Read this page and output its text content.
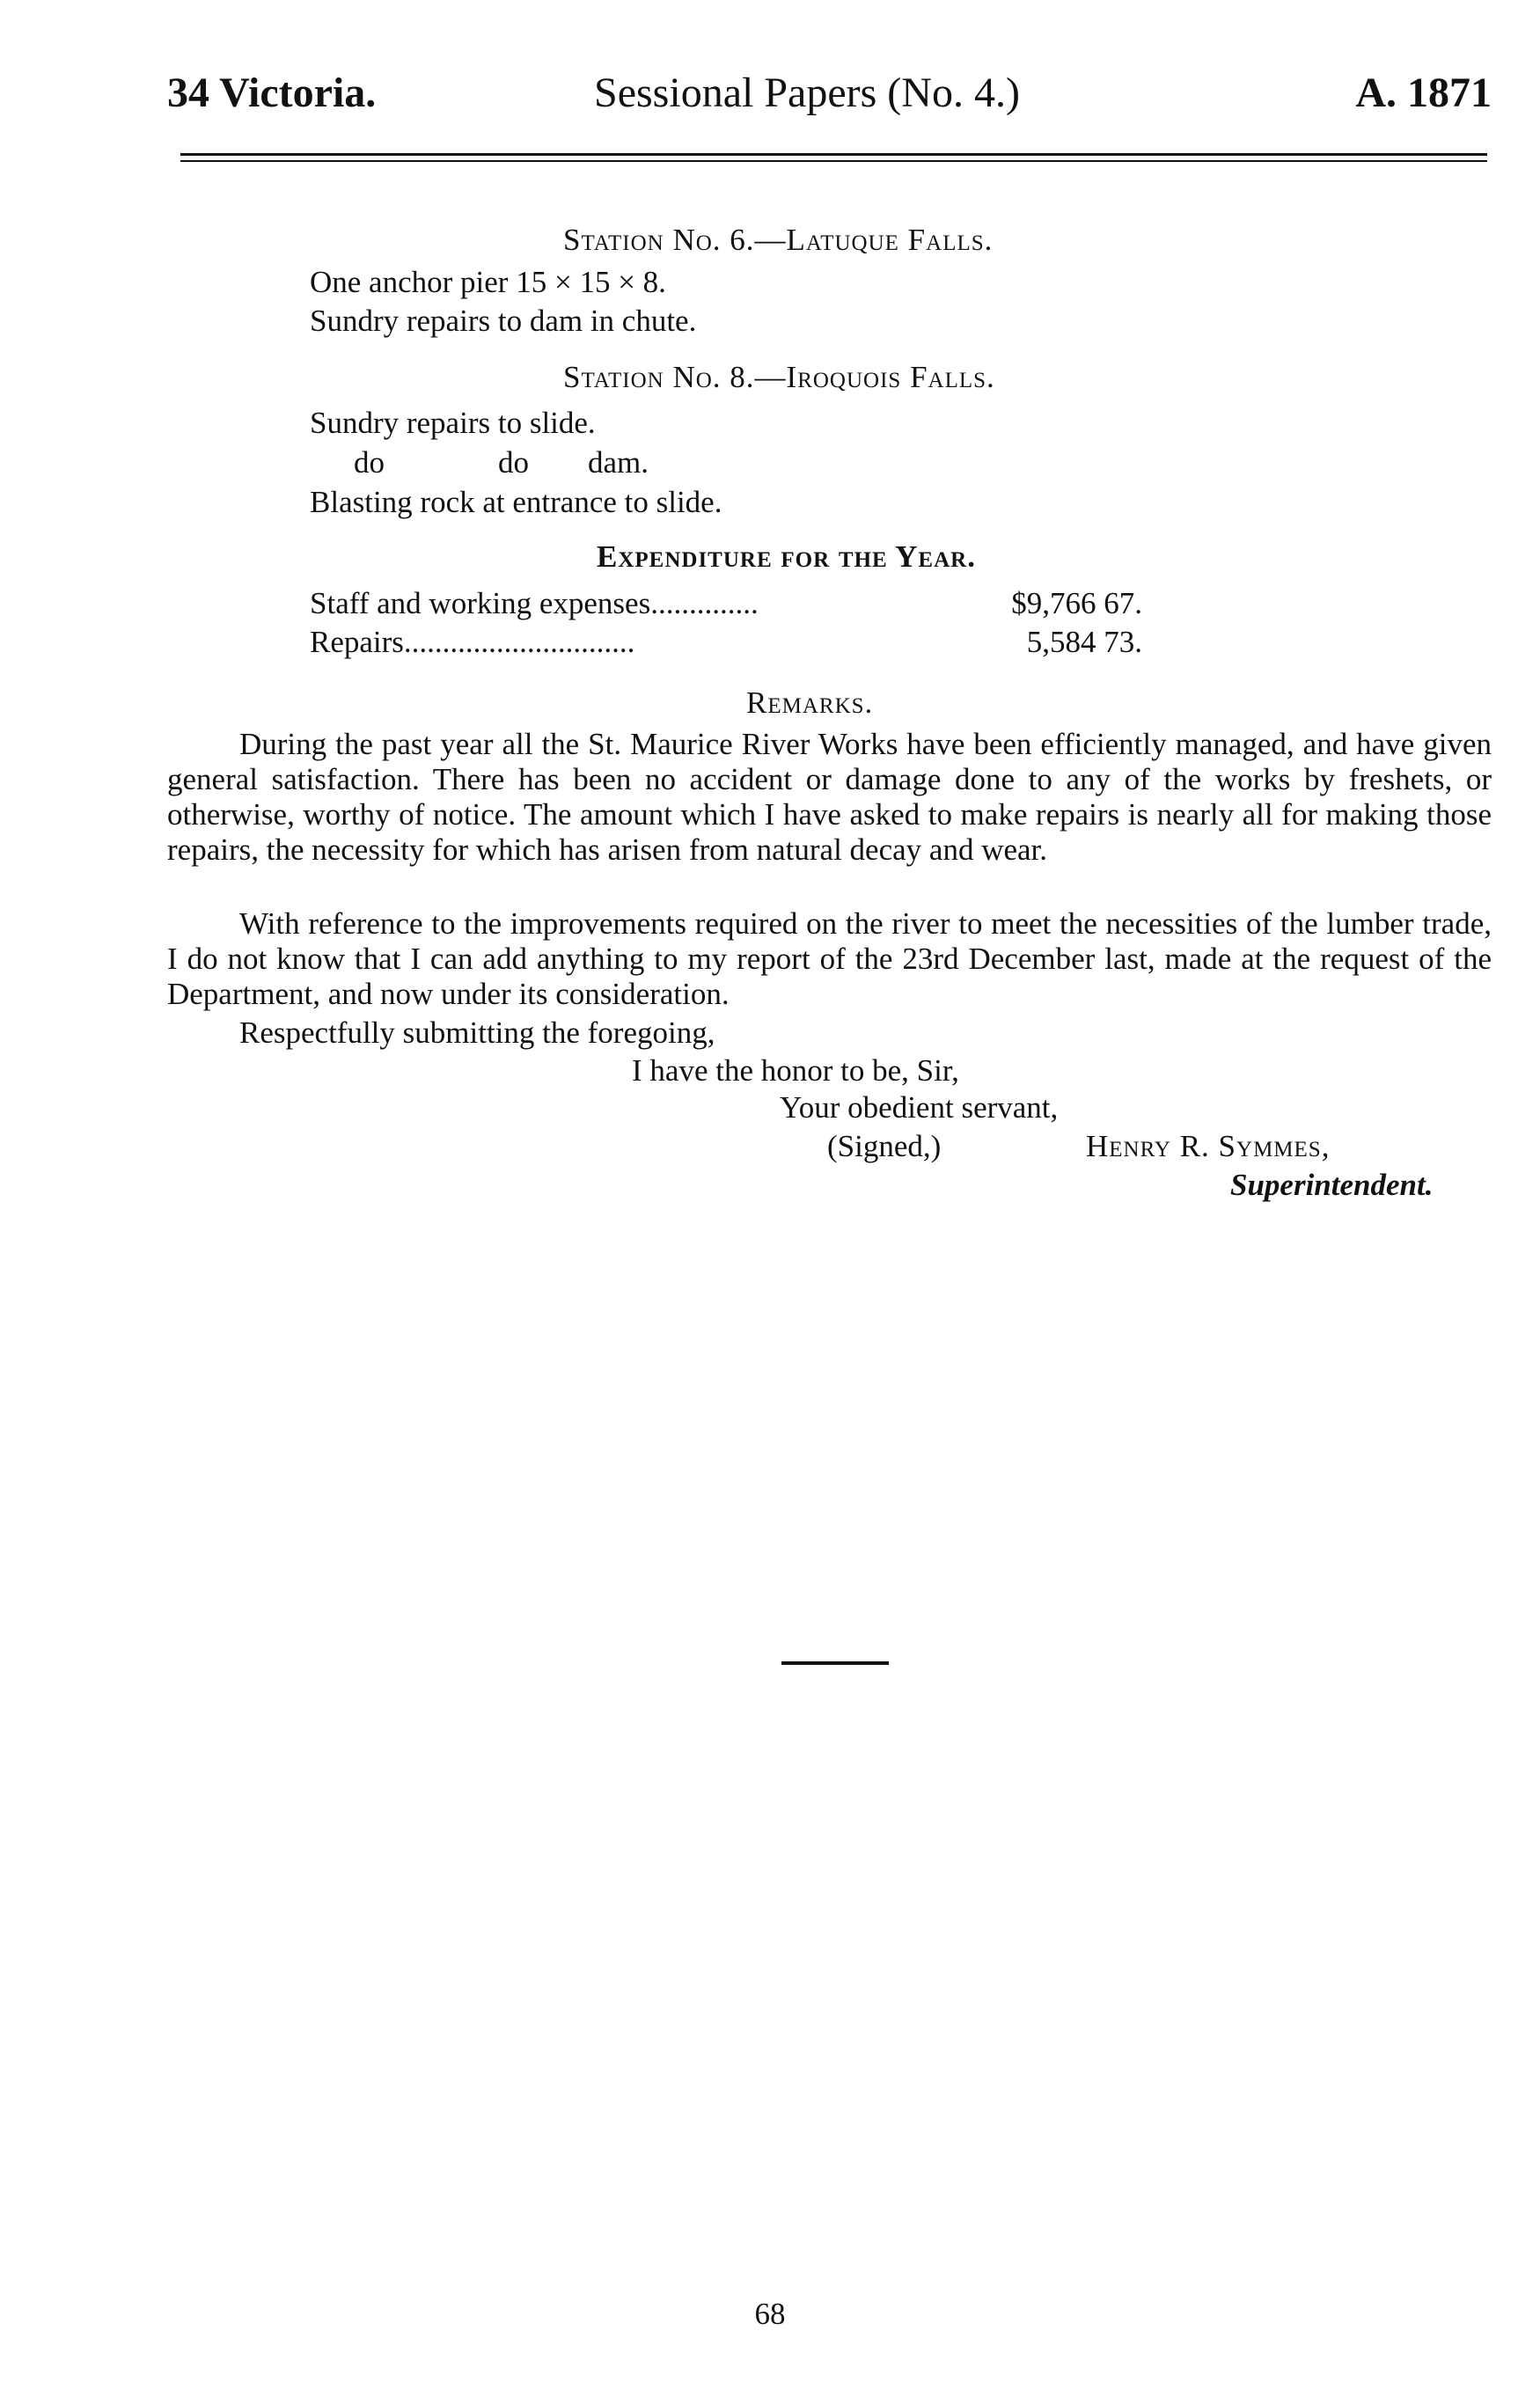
34 Victoria.	Sessional Papers (No. 4.)	A. 1871
Station No. 6.—Latuque Falls.
One anchor pier 15 × 15 × 8.
Sundry repairs to dam in chute.
Station No. 8.—Iroquois Falls.
Sundry repairs to slide.
do	do dam.
Blasting rock at entrance to slide.
Expenditure for the Year.
Staff and working expenses..............	$9,766 67.
Repairs..............................	5,584 73.
Remarks.
During the past year all the St. Maurice River Works have been efficiently managed, and have given general satisfaction. There has been no accident or damage done to any of the works by freshets, or otherwise, worthy of notice. The amount which I have asked to make repairs is nearly all for making those repairs, the necessity for which has arisen from natural decay and wear.
With reference to the improvements required on the river to meet the necessities of the lumber trade, I do not know that I can add anything to my report of the 23rd December last, made at the request of the Department, and now under its consideration.
Respectfully submitting the foregoing,
I have the honor to be, Sir,
Your obedient servant,
(Signed,)	Henry R. Symmes,
Superintendent.
68
